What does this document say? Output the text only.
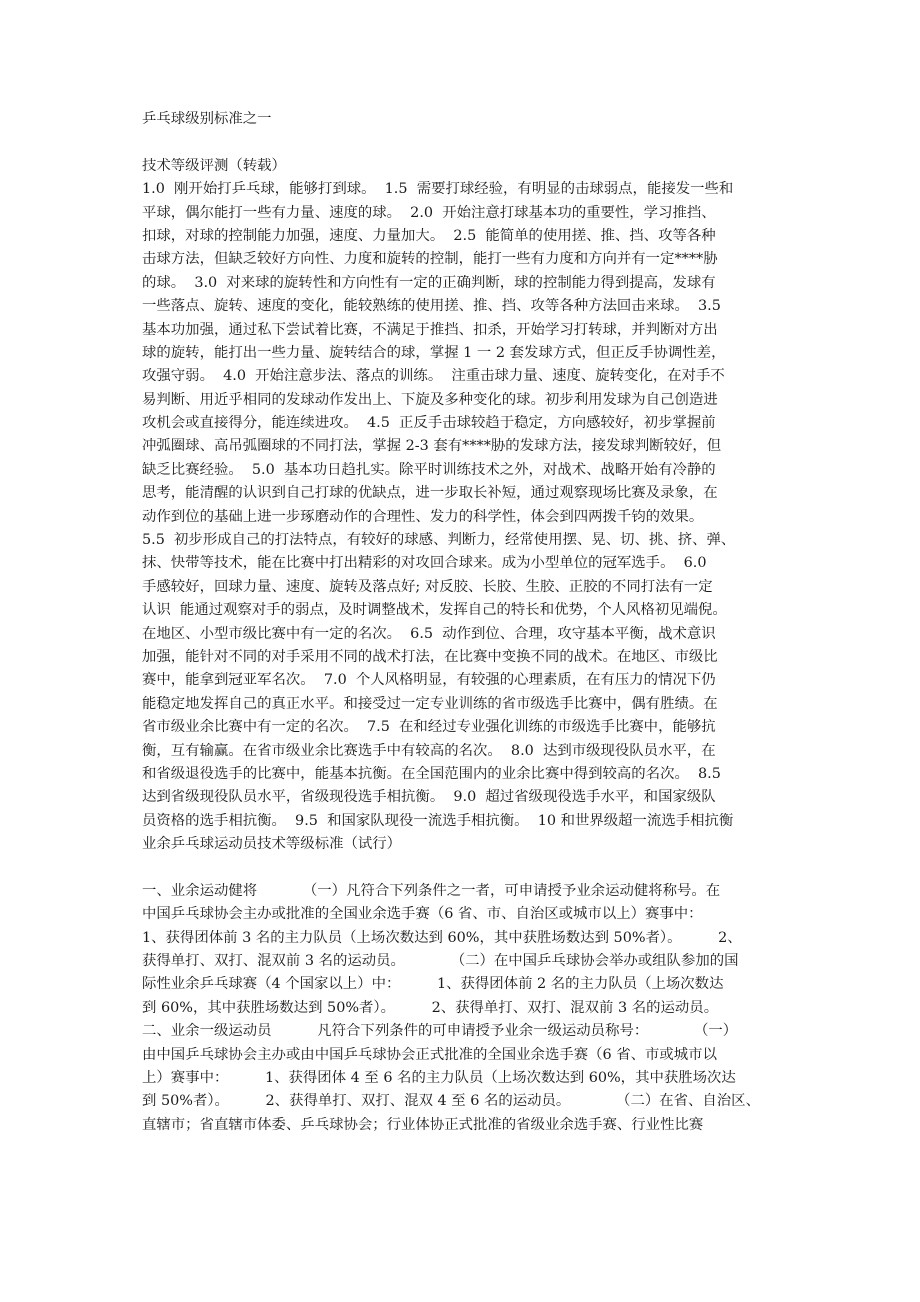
乒乓球级别标准之一
技术等级评测（转载）
1.0  刚开始打乒乓球，能够打到球。  1.5  需要打球经验，有明显的击球弱点，能接发一些和
平球，偶尔能打一些有力量、速度的球。  2.0  开始注意打球基本功的重要性，学习推挡、
扣球，对球的控制能力加强，速度、力量加大。  2.5  能简单的使用搓、推、挡、攻等各种
击球方法，但缺乏较好方向性、力度和旋转的控制，能打一些有力度和方向并有一定****胁
的球。  3.0  对来球的旋转性和方向性有一定的正确判断，球的控制能力得到提高，发球有
一些落点、旋转、速度的变化，能较熟练的使用搓、推、挡、攻等各种方法回击来球。  3.5
基本功加强，通过私下尝试着比赛，不满足于推挡、扣杀，开始学习打转球，并判断对方出
球的旋转，能打出一些力量、旋转结合的球，掌握 1 一 2 套发球方式，但正反手协调性差，
攻强守弱。  4.0  开始注意步法、落点的训练。  注重击球力量、速度、旋转变化，在对手不
易判断、用近乎相同的发球动作发出上、下旋及多种变化的球。初步利用发球为自己创造进
攻机会或直接得分，能连续进攻。  4.5  正反手击球较趋于稳定，方向感较好，初步掌握前
冲弧圈球、高吊弧圈球的不同打法，掌握 2-3 套有****胁的发球方法，接发球判断较好，但
缺乏比赛经验。  5.0  基本功日趋扎实。除平时训练技术之外，对战术、战略开始有冷静的
思考，能清醒的认识到自己打球的优缺点，进一步取长补短，通过观察现场比赛及录象，在
动作到位的基础上进一步琢磨动作的合理性、发力的科学性，体会到四两拨千钧的效果。
5.5  初步形成自己的打法特点，有较好的球感、判断力，经常使用摆、晃、切、挑、挤、弹、
抹、快带等技术，能在比赛中打出精彩的对攻回合球来。成为小型单位的冠军选手。  6.0
手感较好，回球力量、速度、旋转及落点好; 对反胶、长胶、生胶、正胶的不同打法有一定
认识  能通过观察对手的弱点，及时调整战术，发挥自己的特长和优势，个人风格初见端倪。
在地区、小型市级比赛中有一定的名次。  6.5  动作到位、合理，攻守基本平衡，战术意识
加强，能针对不同的对手采用不同的战术打法，在比赛中变换不同的战术。在地区、市级比
赛中，能拿到冠亚军名次。  7.0  个人风格明显，有较强的心理素质，在有压力的情况下仍
能稳定地发挥自己的真正水平。和接受过一定专业训练的省市级选手比赛中，偶有胜绩。在
省市级业余比赛中有一定的名次。  7.5  在和经过专业强化训练的市级选手比赛中，能够抗
衡，互有输赢。在省市级业余比赛选手中有较高的名次。  8.0  达到市级现役队员水平，在
和省级退役选手的比赛中，能基本抗衡。在全国范围内的业余比赛中得到较高的名次。  8.5
达到省级现役队员水平，省级现役选手相抗衡。  9.0  超过省级现役选手水平，和国家级队
员资格的选手相抗衡。  9.5  和国家队现役一流选手相抗衡。  10 和世界级超一流选手相抗衡
业余乒乓球运动员技术等级标准（试行）
一、业余运动健将          （一）凡符合下列条件之一者，可申请授予业余运动健将称号。在
中国乒乓球协会主办或批准的全国业余选手赛（6 省、市、自治区或城市以上）赛事中：
1、获得团体前 3 名的主力队员（上场次数达到 60%，其中获胜场数达到 50%者）。        2、
获得单打、双打、混双前 3 名的运动员。          （二）在中国乒乓球协会举办或组队参加的国
际性业余乒乓球赛（4 个国家以上）中：        1、获得团体前 2 名的主力队员（上场次数达
到 60%，其中获胜场数达到 50%者）。        2、获得单打、双打、混双前 3 名的运动员。
二、业余一级运动员          凡符合下列条件的可申请授予业余一级运动员称号：          （一）
由中国乒乓球协会主办或由中国乒乓球协会正式批准的全国业余选手赛（6 省、市或城市以
上）赛事中：        1、获得团体 4 至 6 名的主力队员（上场次数达到 60%，其中获胜场次达
到 50%者）。        2、获得单打、双打、混双 4 至 6 名的运动员。          （二）在省、自治区、
直辖市；省直辖市体委、乒乓球协会；行业体协正式批准的省级业余选手赛、行业性比赛
